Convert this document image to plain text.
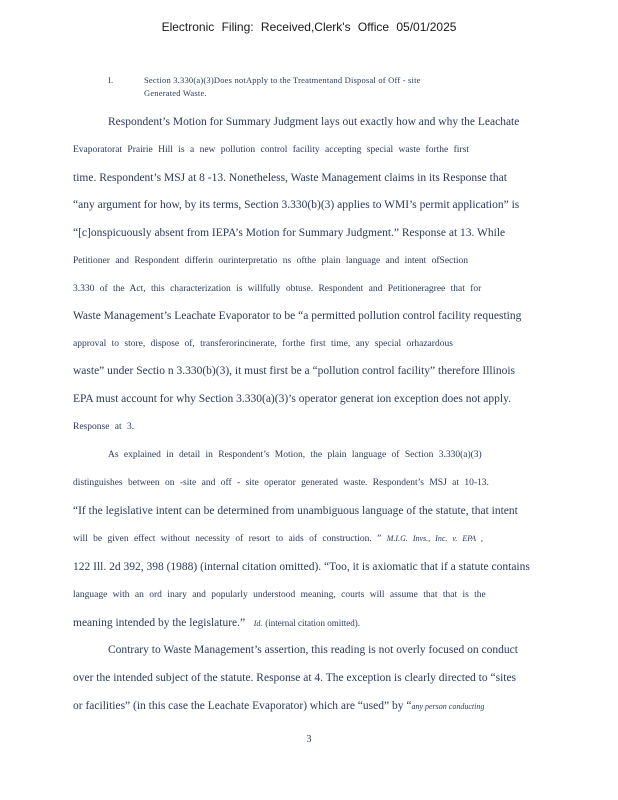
Electronic Filing: Received,Clerk's Office 05/01/2025
I.	Section 3.330(a)(3)Does notApply to the Treatmentand Disposal of Off - site
Generated Waste.
Respondent’s Motion for Summary Judgment lays out exactly how and why the Leachate
Evaporatorat Prairie Hill is a new pollution control facility accepting special waste forthe first
time. Respondent’s MSJ at 8 -13. Nonetheless, Waste Management claims in its Response that
“any argument for how, by its terms, Section 3.330(b)(3) applies to WMI’s permit application” is
“[c]onspicuously absent from IEPA’s Motion for Summary Judgment.” Response at 13. While
Petitioner and Respondent differin ourinterpretatio ns ofthe plain language and intent ofSection
3.330 of the Act, this characterization is willfully obtuse. Respondent and Petitioneragree that for
Waste Management’s Leachate Evaporator to be “a permitted pollution control facility requesting
approval to store, dispose of, transferorincinerate, forthe first time, any special orhazardous
waste” under Sectio n 3.330(b)(3), it must first be a “pollution control facility” therefore Illinois
EPA must account for why Section 3.330(a)(3)’s operator generat ion exception does not apply.
Response at 3.
As explained in detail in Respondent’s Motion, the plain language of Section 3.330(a)(3)
distinguishes between on -site and off - site operator generated waste. Respondent’s MSJ at 10-13.
“If the legislative intent can be determined from unambiguous language of the statute, that intent
will be given effect without necessity of resort to aids of construction. ” M.I.G. Invs., Inc. v. EPA ,
122 Ill. 2d 392, 398 (1988) (internal citation omitted). “Too, it is axiomatic that if a statute contains
language with an ord inary and popularly understood meaning, courts will assume that that is the
meaning intended by the legislature.” Id. (internal citation omitted).
Contrary to Waste Management’s assertion, this reading is not overly focused on conduct
over the intended subject of the statute. Response at 4. The exception is clearly directed to “sites
or facilities” (in this case the Leachate Evaporator) which are “used” by “any person conducting
3
